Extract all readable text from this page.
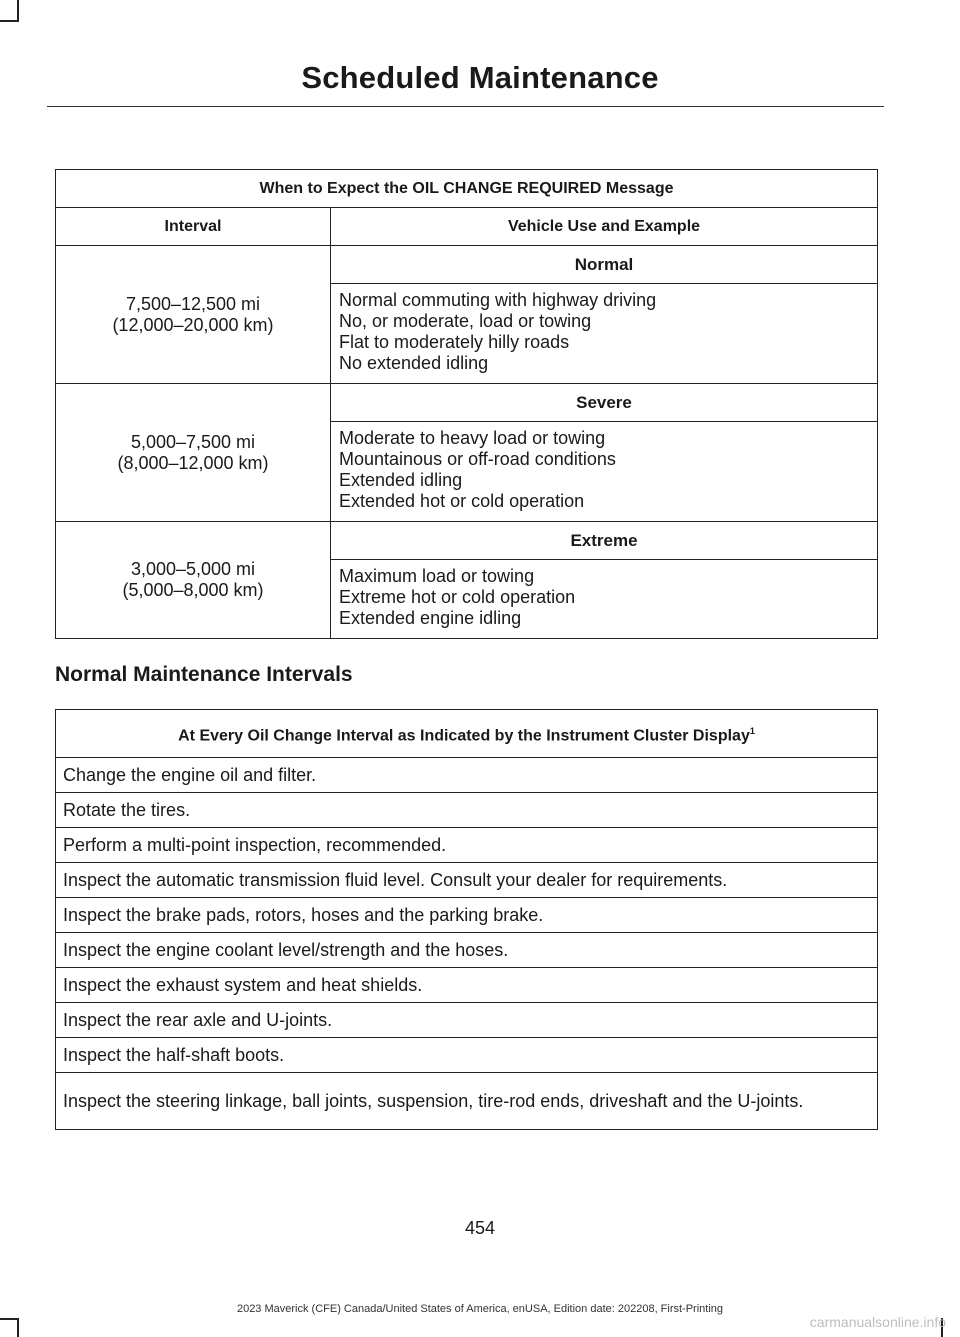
Scheduled Maintenance
When to Expect the OIL CHANGE REQUIRED Message	
Interval	Vehicle Use and Example

7,500–12,500 mi
(12,000–20,000 km)	Normal

	Normal commuting with highway driving
No, or moderate, load or towing
Flat to moderately hilly roads
No extended idling

5,000–7,500 mi
(8,000–12,000 km)	Severe

	Moderate to heavy load or towing
Mountainous or off-road conditions
Extended idling
Extended hot or cold operation

3,000–5,000 mi
(5,000–8,000 km)	Extreme

	Maximum load or towing
Extreme hot or cold operation
Extended engine idling
Normal Maintenance Intervals
At Every Oil Change Interval as Indicated by the Instrument Cluster Display$^1$
Change the engine oil and filter.
Rotate the tires.
Perform a multi-point inspection, recommended.
Inspect the automatic transmission fluid level. Consult your dealer for requirements.
Inspect the brake pads, rotors, hoses and the parking brake.
Inspect the engine coolant level/strength and the hoses.
Inspect the exhaust system and heat shields.
Inspect the rear axle and U-joints.
Inspect the half-shaft boots.
Inspect the steering linkage, ball joints, suspension, tire-rod ends, driveshaft and the U-joints.
454
2023 Maverick (CFE) Canada/United States of America, enUSA, Edition date: 202208, First-Printing
carmanualsonline.info
